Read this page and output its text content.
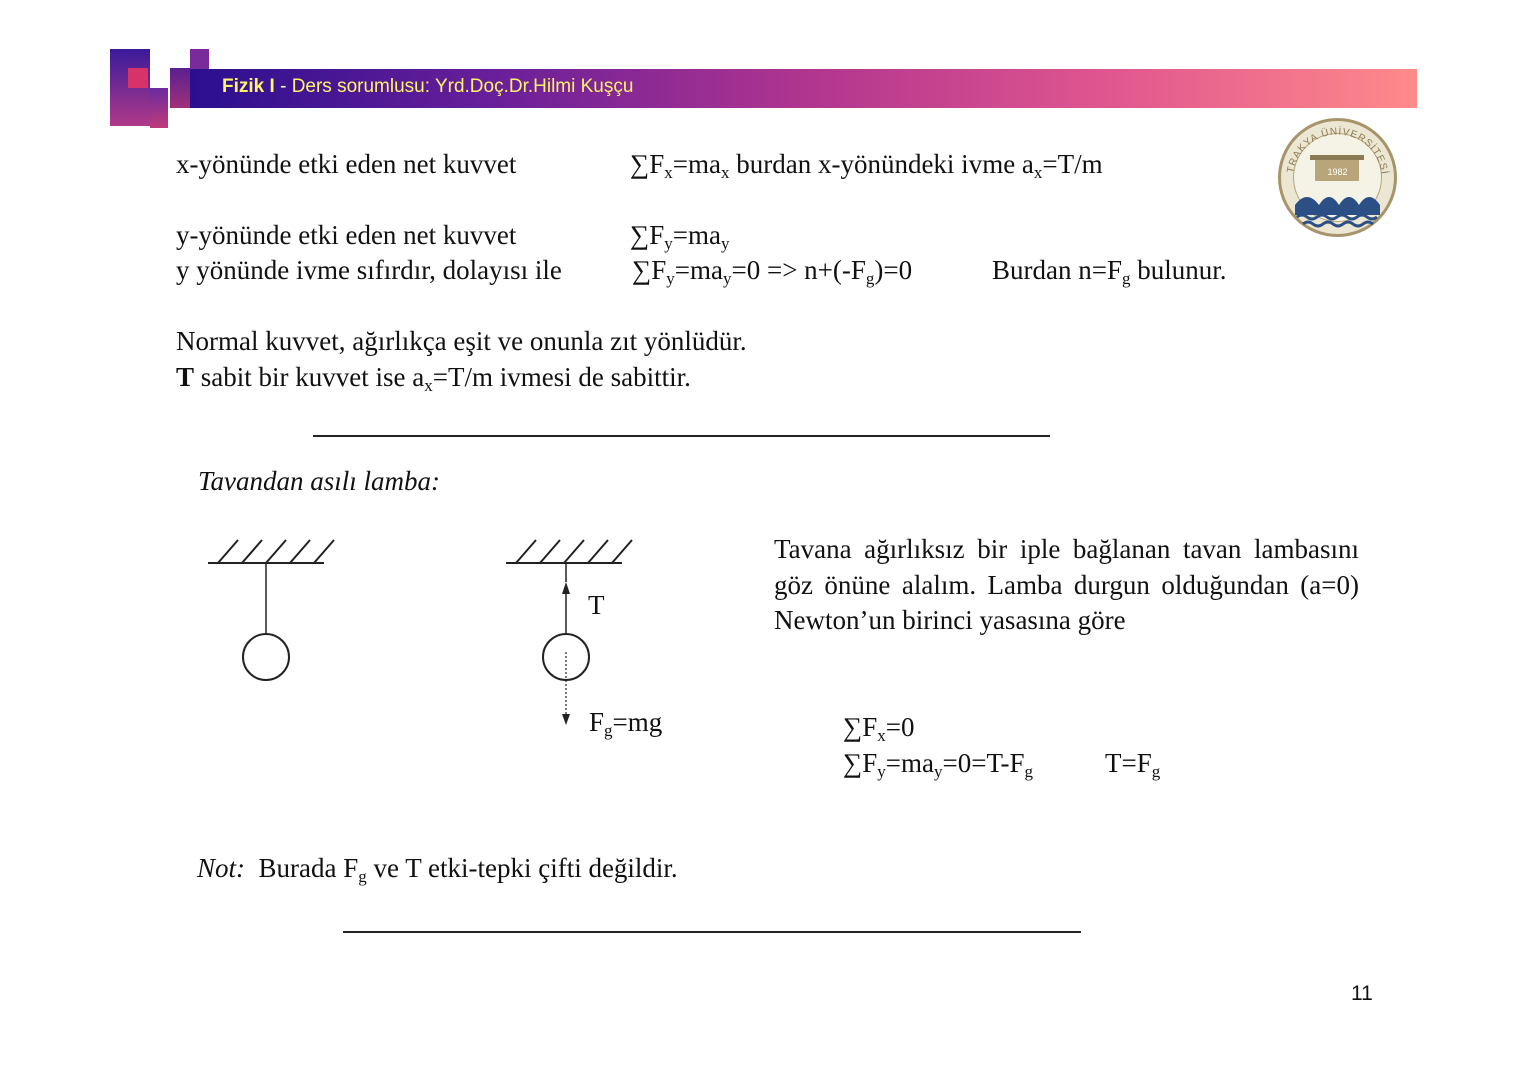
Fizik I - Ders sorumlusu: Yrd.Doç.Dr.Hilmi Kuşçu
TRAKYA ÜNİVERSİTESİ
1982
x-yönünde etki eden net kuvvet	$\sum F_x=ma_x$ burdan x-yönündeki ivme $a_x=T/m$
y-yönünde etki eden net kuvvet	$\sum F_y=ma_y$
y yönünde ivme sıfırdır, dolayısı ile	$\sum F_y=ma_y=0 => n+(-F_g)=0$	Burdan $n=F_g$ bulunur.
Normal kuvvet, ağırlıkça eşit ve onunla zıt yönlüdür.
T sabit bir kuvvet ise $a_x=T/m$ ivmesi de sabittir.
Tavandan asılı lamba:
T
$F_g=mg$
Tavana ağırlıksız bir iple bağlanan tavan lambasını göz önüne alalım. Lamba durgun olduğundan (a=0) Newton’un birinci yasasına göre
$\sum F_x=0$
$\sum F_y=ma_y=0=T-F_g$	$T=F_g$
Not: Burada $F_g$ ve T etki-tepki çifti değildir.
11
